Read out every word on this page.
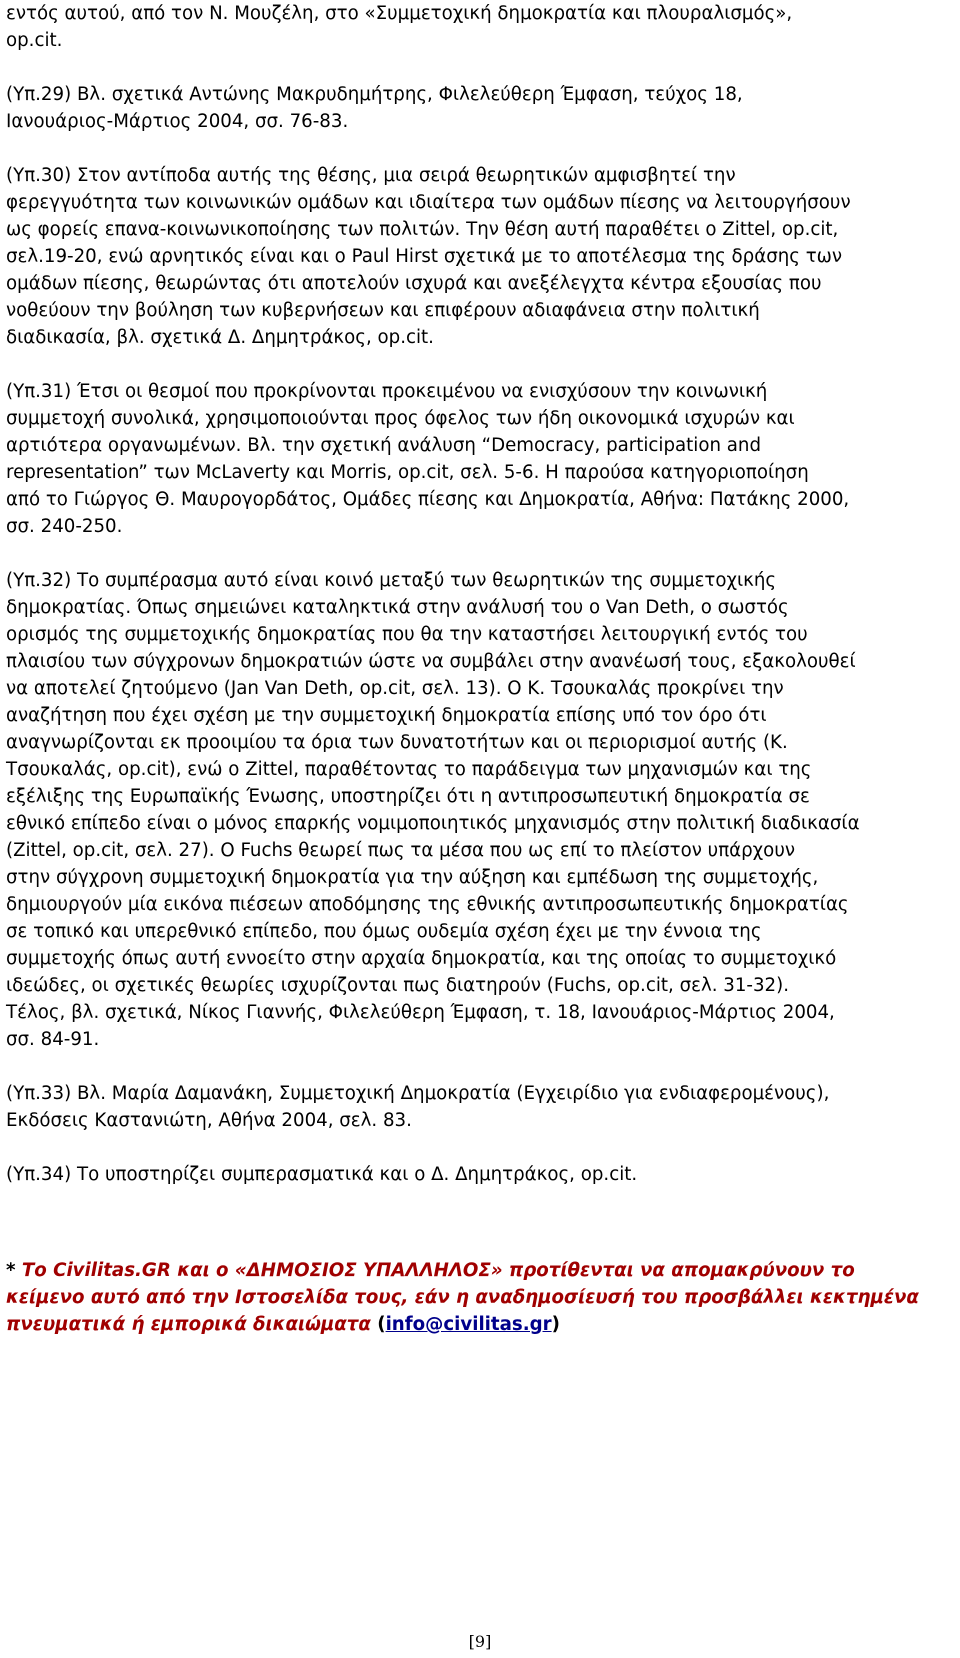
εντός αυτού, από τον Ν. Μουζέλη, στο «Συμμετοχική δημοκρατία και πλουραλισμός»,
op.cit.
(Υπ.29) Βλ. σχετικά Αντώνης Μακρυδημήτρης, Φιλελεύθερη Έμφαση, τεύχος 18,
Ιανουάριος-Μάρτιος 2004, σσ. 76-83.
(Υπ.30) Στον αντίποδα αυτής της θέσης, μια σειρά θεωρητικών αμφισβητεί την
φερεγγυότητα των κοινωνικών ομάδων και ιδιαίτερα των ομάδων πίεσης να λειτουργήσουν
ως φορείς επανα-κοινωνικοποίησης των πολιτών. Την θέση αυτή παραθέτει ο Zittel, op.cit,
σελ.19-20, ενώ αρνητικός είναι και ο Paul Hirst σχετικά με το αποτέλεσμα της δράσης των
ομάδων πίεσης, θεωρώντας ότι αποτελούν ισχυρά και ανεξέλεγχτα κέντρα εξουσίας που
νοθεύουν την βούληση των κυβερνήσεων και επιφέρουν αδιαφάνεια στην πολιτική
διαδικασία, βλ. σχετικά Δ. Δημητράκος, op.cit.
(Υπ.31) Έτσι οι θεσμοί που προκρίνονται προκειμένου να ενισχύσουν την κοινωνική
συμμετοχή συνολικά, χρησιμοποιούνται προς όφελος των ήδη οικονομικά ισχυρών και
αρτιότερα οργανωμένων. Βλ. την σχετική ανάλυση “Democracy, participation and
representation” των McLaverty και Morris, op.cit, σελ. 5-6. Η παρούσα κατηγοριοποίηση
από το Γιώργος Θ. Μαυρογορδάτος, Ομάδες πίεσης και Δημοκρατία, Αθήνα: Πατάκης 2000,
σσ. 240-250.
(Υπ.32) Το συμπέρασμα αυτό είναι κοινό μεταξύ των θεωρητικών της συμμετοχικής
δημοκρατίας. Όπως σημειώνει καταληκτικά στην ανάλυσή του ο Van Deth, ο σωστός
ορισμός της συμμετοχικής δημοκρατίας που θα την καταστήσει λειτουργική εντός του
πλαισίου των σύγχρονων δημοκρατιών ώστε να συμβάλει στην ανανέωσή τους, εξακολουθεί
να αποτελεί ζητούμενο (Jan Van Deth, op.cit, σελ. 13). Ο Κ. Τσουκαλάς προκρίνει την
αναζήτηση που έχει σχέση με την συμμετοχική δημοκρατία επίσης υπό τον όρο ότι
αναγνωρίζονται εκ προοιμίου τα όρια των δυνατοτήτων και οι περιορισμοί αυτής (Κ.
Τσουκαλάς, op.cit), ενώ ο Zittel, παραθέτοντας το παράδειγμα των μηχανισμών και της
εξέλιξης της Ευρωπαϊκής Ένωσης, υποστηρίζει ότι η αντιπροσωπευτική δημοκρατία σε
εθνικό επίπεδο είναι ο μόνος επαρκής νομιμοποιητικός μηχανισμός στην πολιτική διαδικασία
(Zittel, op.cit, σελ. 27). Ο Fuchs θεωρεί πως τα μέσα που ως επί το πλείστον υπάρχουν
στην σύγχρονη συμμετοχική δημοκρατία για την αύξηση και εμπέδωση της συμμετοχής,
δημιουργούν μία εικόνα πιέσεων αποδόμησης της εθνικής αντιπροσωπευτικής δημοκρατίας
σε τοπικό και υπερεθνικό επίπεδο, που όμως ουδεμία σχέση έχει με την έννοια της
συμμετοχής όπως αυτή εννοείτο στην αρχαία δημοκρατία, και της οποίας το συμμετοχικό
ιδεώδες, οι σχετικές θεωρίες ισχυρίζονται πως διατηρούν (Fuchs, op.cit, σελ. 31-32).
Τέλος, βλ. σχετικά, Νίκος Γιαννής, Φιλελεύθερη Έμφαση, τ. 18, Ιανουάριος-Μάρτιος 2004,
σσ. 84-91.
(Υπ.33) Βλ. Μαρία Δαμανάκη, Συμμετοχική Δημοκρατία (Εγχειρίδιο για ενδιαφερομένους),
Εκδόσεις Καστανιώτη, Αθήνα 2004, σελ. 83.
(Υπ.34) Το υποστηρίζει συμπερασματικά και ο Δ. Δημητράκος, op.cit.
* Το Civilitas.GR και ο «ΔΗΜΟΣΙΟΣ ΥΠΑΛΛΗΛΟΣ» προτίθενται να απομακρύνουν το
κείμενο αυτό από την Ιστοσελίδα τους, εάν η αναδημοσίευσή του προσβάλλει κεκτημένα
πνευματικά ή εμπορικά δικαιώματα (info@civilitas.gr)
[9]
